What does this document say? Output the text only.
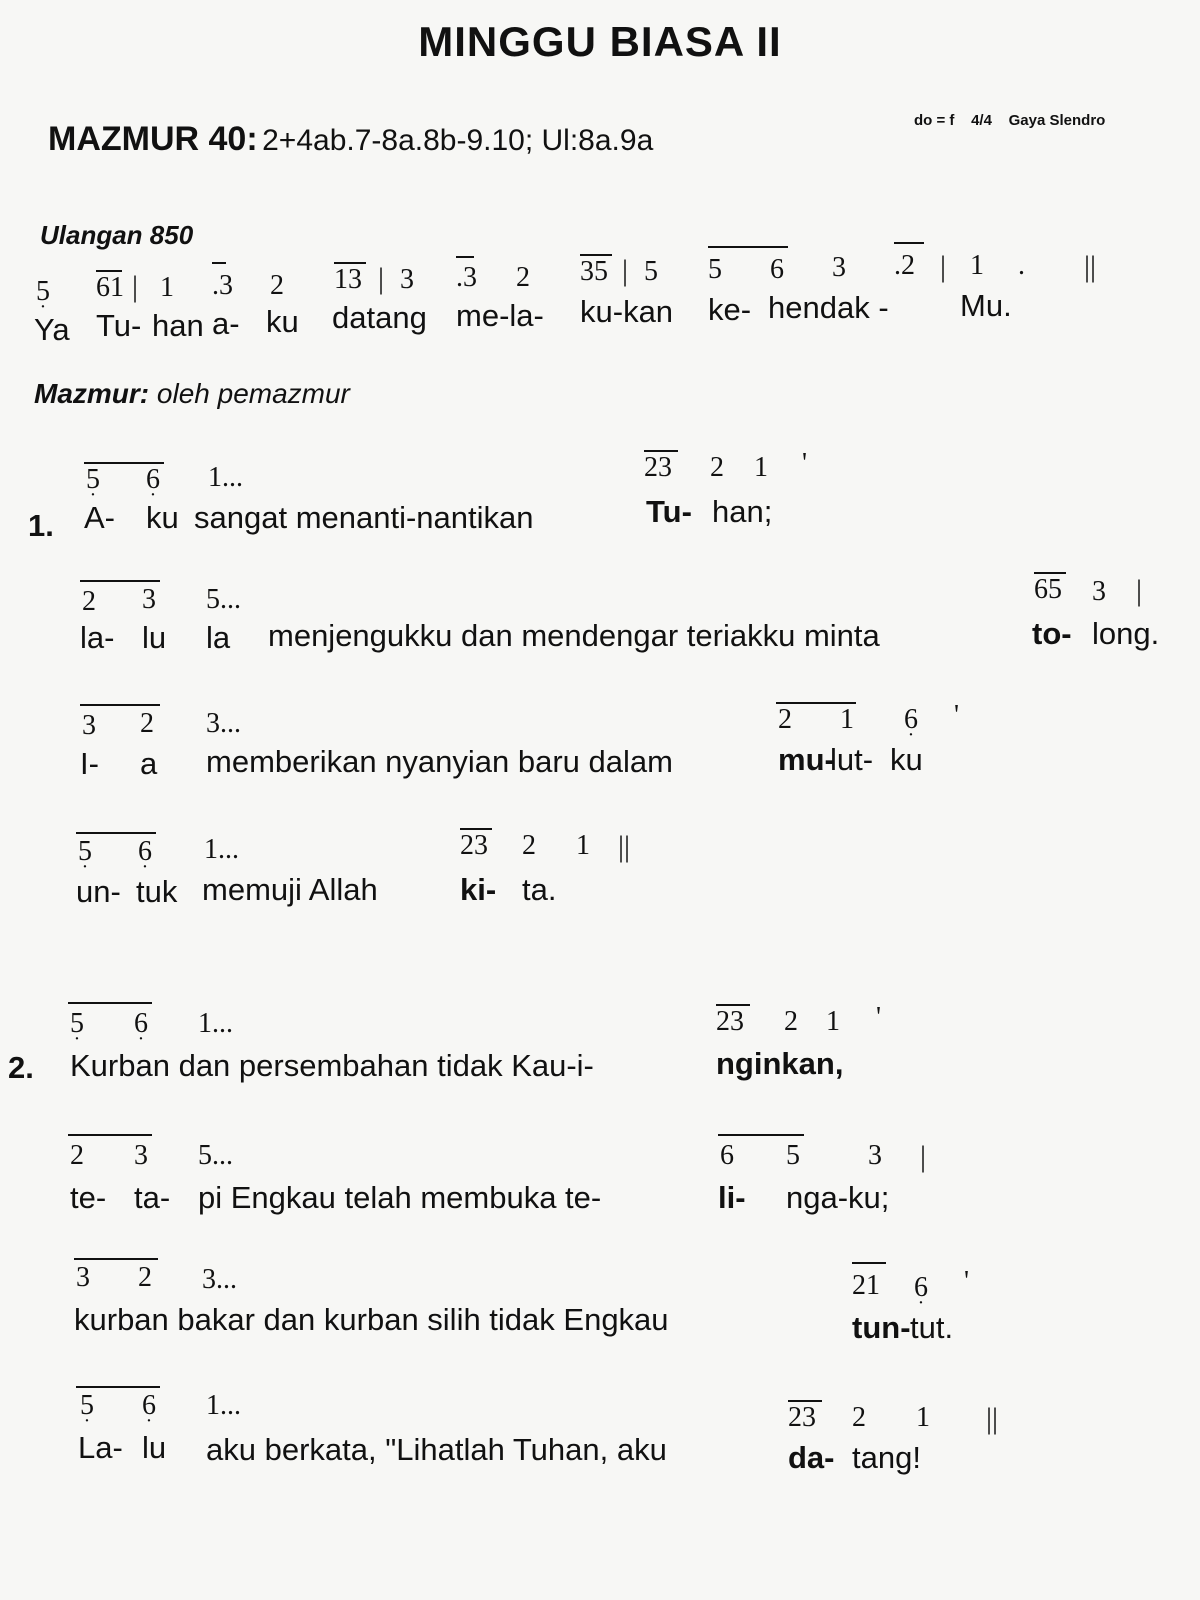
MINGGU BIASA II
MAZMUR 40: 2+4ab.7-8a.8b-9.10; Ul:8a.9a
do = f 4/4 Gaya Slendro
Ulangan 850
5 · 61 | 1 .3 2 13 | 3 .3 2 35 | 5 5 6 3 .2 | 1 . ||
Ya Tu- han a- ku datang me-la- ku-kan ke- hendak - Mu.
Mazmur: oleh pemazmur
1.
5 · 6 · 1...	23 2 1 '
A- ku sangat menanti-nantikan	Tu- han;
2 3 5...	65 3 |
la- lu la menjengukku dan mendengar teriakku minta	to- long.
3 2 3...	2 1 6 · '
I- a memberikan nyanyian baru dalam	mu-
lut- ku
5 · 6 · 1...	23 2 1 ||
un- tuk memuji Allah	ki- ta.
2.
5 · 6 · 1...	23 2 1 '
Kurban dan persembahan tidak Kau-i-	nginkan,
2 3 5...	6 5 3 |
te- ta- pi Engkau telah membuka te-	li- nga-ku;
3 2 3...	21 6 · '
kurban bakar dan kurban silih tidak Engkau	tun- tut.
5 · 6 · 1...	23 2 1 ||
La- lu aku berkata, "Lihatlah Tuhan, aku	da- tang!
